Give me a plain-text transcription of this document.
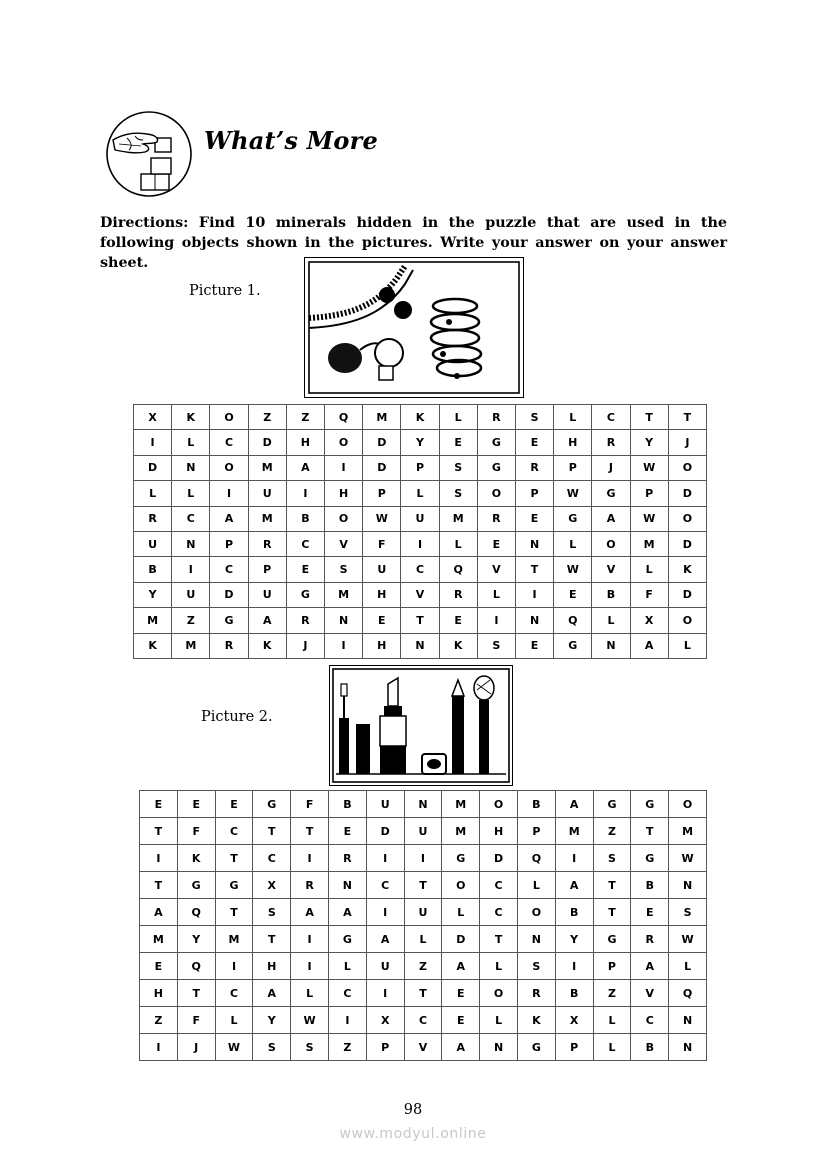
What’s More
Directions: Find 10 minerals hidden in the puzzle that are used in the following objects shown in the pictures. Write your answer on your answer sheet.
Picture 1.
X	K	O	Z	Z	Q	M	K	L	R	S	L	C	T	T
I	L	C	D	H	O	D	Y	E	G	E	H	R	Y	J
D	N	O	M	A	I	D	P	S	G	R	P	J	W	O
L	L	I	U	I	H	P	L	S	O	P	W	G	P	D
R	C	A	M	B	O	W	U	M	R	E	G	A	W	O
U	N	P	R	C	V	F	I	L	E	N	L	O	M	D
B	I	C	P	E	S	U	C	Q	V	T	W	V	L	K
Y	U	D	U	G	M	H	V	R	L	I	E	B	F	D
M	Z	G	A	R	N	E	T	E	I	N	Q	L	X	O
K	M	R	K	J	I	H	N	K	S	E	G	N	A	L
Picture 2.
E	E	E	G	F	B	U	N	M	O	B	A	G	G	O
T	F	C	T	T	E	D	U	M	H	P	M	Z	T	M
I	K	T	C	I	R	I	I	G	D	Q	I	S	G	W
T	G	G	X	R	N	C	T	O	C	L	A	T	B	N
A	Q	T	S	A	A	I	U	L	C	O	B	T	E	S
M	Y	M	T	I	G	A	L	D	T	N	Y	G	R	W
E	Q	I	H	I	L	U	Z	A	L	S	I	P	A	L
H	T	C	A	L	C	I	T	E	O	R	B	Z	V	Q
Z	F	L	Y	W	I	X	C	E	L	K	X	L	C	N
I	J	W	S	S	Z	P	V	A	N	G	P	L	B	N
98
www.modyul.online
